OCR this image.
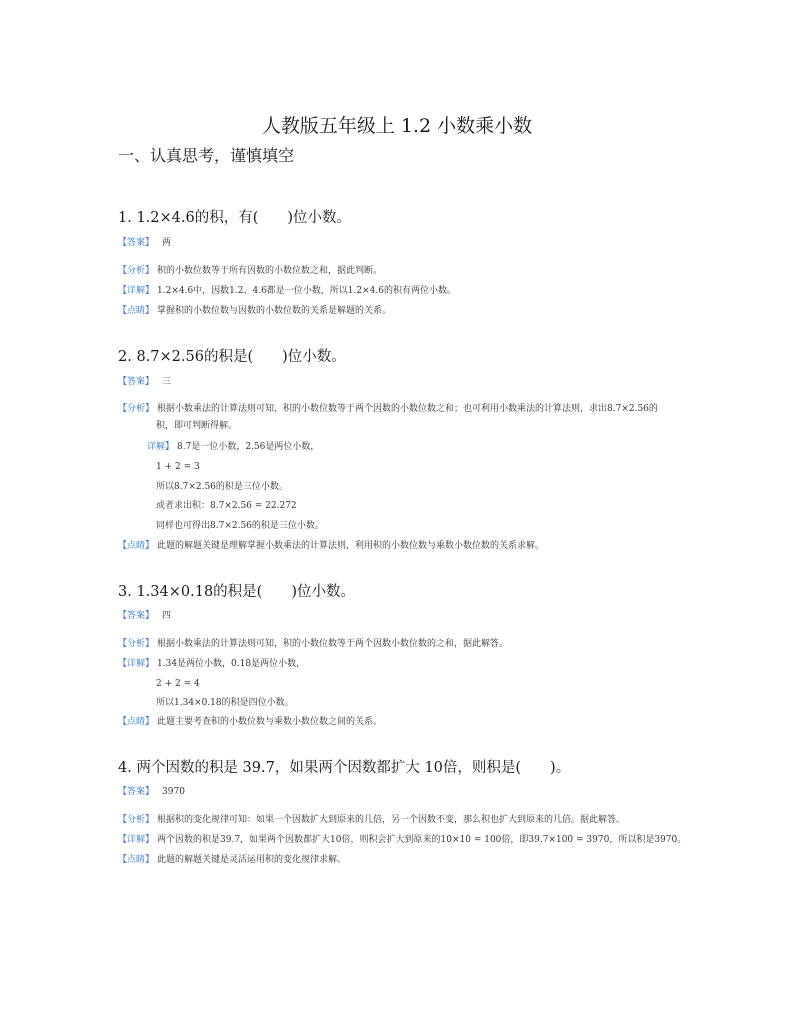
人教版五年级上 1.2 小数乘小数
一、认真思考，谨慎填空
1. 1.2×4.6的积，有(　　)位小数。
【答案】 两
【分析】 积的小数位数等于所有因数的小数位数之和，据此判断。
【详解】 1.2×4.6中，因数1.2、4.6都是一位小数，所以1.2×4.6的积有两位小数。
【点睛】 掌握积的小数位数与因数的小数位数的关系是解题的关系。
2. 8.7×2.56的积是(　　)位小数。
【答案】 三
【分析】 根据小数乘法的计算法则可知，积的小数位数等于两个因数的小数位数之和；也可利用小数乘法的计算法则，求出8.7×2.56的
积，即可判断得解。
详解】 8.7是一位小数，2.56是两位小数，
1 + 2 = 3
所以8.7×2.56的积是三位小数。
或者求出积：8.7×2.56 = 22.272
同样也可得出8.7×2.56的积是三位小数。
【点睛】 此题的解题关键是理解掌握小数乘法的计算法则，利用积的小数位数与乘数小数位数的关系求解。
3. 1.34×0.18的积是(　　)位小数。
【答案】 四
【分析】 根据小数乘法的计算法则可知，积的小数位数等于两个因数小数位数的之和，据此解答。
【详解】 1.34是两位小数，0.18是两位小数，
2 + 2 = 4
所以1.34×0.18的积是四位小数。
【点睛】 此题主要考查积的小数位数与乘数小数位数之间的关系。
4. 两个因数的积是 39.7，如果两个因数都扩大 10倍，则积是(　　)。
【答案】 3970
【分析】 根据积的变化规律可知：如果一个因数扩大到原来的几倍，另一个因数不变，那么积也扩大到原来的几倍。据此解答。
【详解】 两个因数的积是39.7，如果两个因数都扩大10倍，则积会扩大到原来的10×10 = 100倍，即39.7×100 = 3970，所以积是3970。
【点睛】 此题的解题关键是灵活运用积的变化规律求解。
